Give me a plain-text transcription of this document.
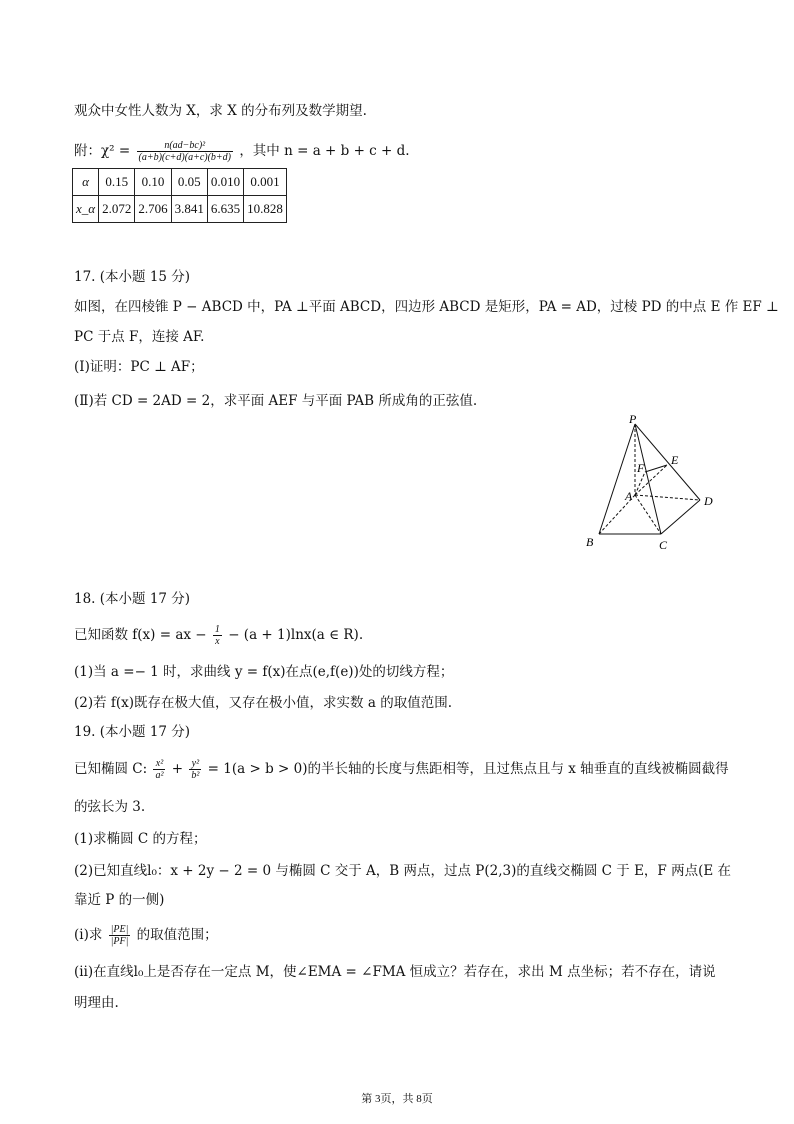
观众中女性人数为 X，求 X 的分布列及数学期望.
附：$\chi^2 = \frac{\text{n(ad−bc)²}}{(a+b)(c+d)(a+c)(b+d)}$ ，其中 n = a + b + c + d.
α	0.15	0.10	0.05	0.010	0.001
x_α	2.072	2.706	3.841	6.635	10.828
17. (本小题 15 分)
如图，在四棱锥 P − ABCD 中，PA ⊥平面 ABCD，四边形 ABCD 是矩形，PA = AD，过棱 PD 的中点 E 作 EF ⊥
PC 于点 F，连接 AF.
(Ⅰ)证明：PC ⊥ AF；
(Ⅱ)若 CD = 2AD = 2，求平面 AEF 与平面 PAB 所成角的正弦值.
P
E
F
A	D
B	C
18. (本小题 17 分)
已知函数 f(x) = ax − $\frac{1}{x} - (a + 1)\ln x(a$ ∈ R).
(1)当 a =− 1 时，求曲线 y = f(x)在点(e,f(e))处的切线方程；
(2)若 f(x)既存在极大值，又存在极小值，求实数 a 的取值范围.
19. (本小题 17 分)
已知椭圆 C: $\frac{\text{x²}}{\text{a²}} + \frac{\text{y²}}{\text{b²}} = 1(a > b > 0)$的半长轴的长度与焦距相等，且过焦点且与 x 轴垂直的直线被椭圆截得
的弦长为 3.
(1)求椭圆 C 的方程；
(2)已知直线l₀：x + 2y − 2 = 0 与椭圆 C 交于 A，B 两点，过点 P(2,3)的直线交椭圆 C 于 E，F 两点(E 在
靠近 P 的一侧)
(ⅰ)求 $\frac{|PE|}{|PF|}$ 的取值范围；
(ⅱ)在直线l₀上是否存在一定点 M，使∠EMA = ∠FMA 恒成立？若存在，求出 M 点坐标；若不存在，请说
明理由.
第 3页，共 8页
